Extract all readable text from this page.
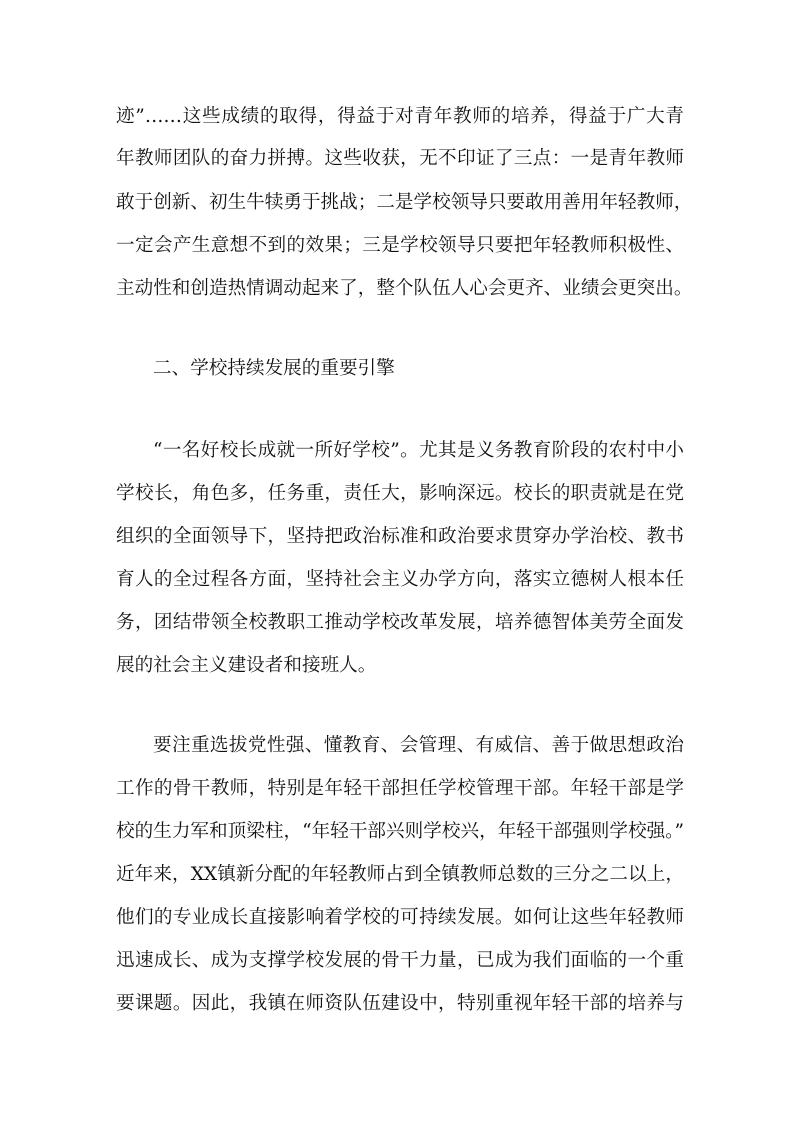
迹”……这些成绩的取得，得益于对青年教师的培养，得益于广大青
年教师团队的奋力拼搏。这些收获，无不印证了三点：一是青年教师
敢于创新、初生牛犊勇于挑战；二是学校领导只要敢用善用年轻教师，
一定会产生意想不到的效果；三是学校领导只要把年轻教师积极性、
主动性和创造热情调动起来了，整个队伍人心会更齐、业绩会更突出。
二、学校持续发展的重要引擎
“一名好校长成就一所好学校”。尤其是义务教育阶段的农村中小
学校长，角色多，任务重，责任大，影响深远。校长的职责就是在党
组织的全面领导下，坚持把政治标准和政治要求贯穿办学治校、教书
育人的全过程各方面，坚持社会主义办学方向，落实立德树人根本任
务，团结带领全校教职工推动学校改革发展，培养德智体美劳全面发
展的社会主义建设者和接班人。
要注重选拔党性强、懂教育、会管理、有威信、善于做思想政治
工作的骨干教师，特别是年轻干部担任学校管理干部。年轻干部是学
校的生力军和顶梁柱，“年轻干部兴则学校兴，年轻干部强则学校强。”
近年来，XX镇新分配的年轻教师占到全镇教师总数的三分之二以上，
他们的专业成长直接影响着学校的可持续发展。如何让这些年轻教师
迅速成长、成为支撑学校发展的骨干力量，已成为我们面临的一个重
要课题。因此，我镇在师资队伍建设中，特别重视年轻干部的培养与
